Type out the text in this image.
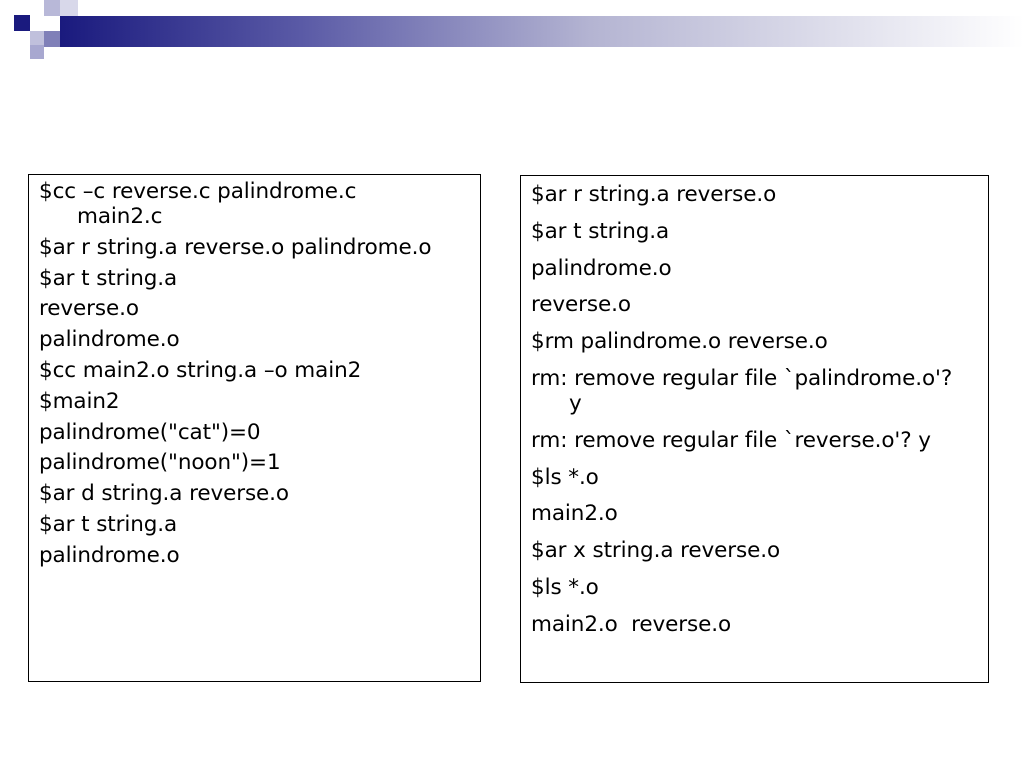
$cc –c reverse.c palindrome.c

main2.c

$ar r string.a reverse.o palindrome.o

$ar t string.a

reverse.o

palindrome.o

$cc main2.o string.a –o main2

$main2

palindrome("cat")=0

palindrome("noon")=1

$ar d string.a reverse.o

$ar t string.a

palindrome.o

$ar r string.a reverse.o

$ar t string.a

palindrome.o

reverse.o

$rm palindrome.o reverse.o

rm: remove regular file `palindrome.o'?

y

rm: remove regular file `reverse.o'? y

$ls *.o

main2.o

$ar x string.a reverse.o

$ls *.o

main2.o  reverse.o
